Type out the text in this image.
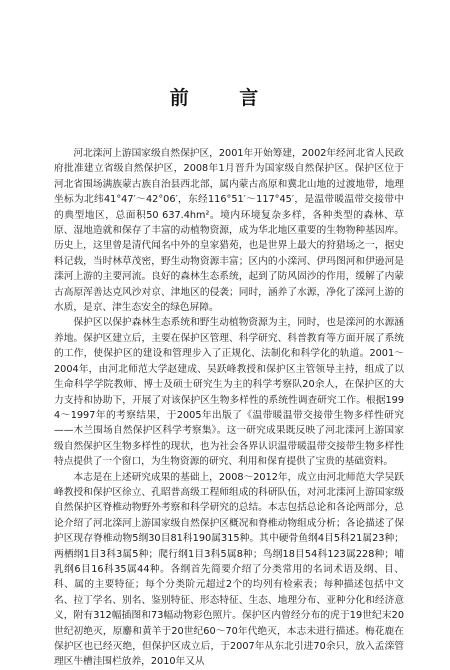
前 言

河北滦河上游国家级自然保护区，2001年开始筹建，2002年经河北省人民政府批准建立省级自然保护区，2008年1月晋升为国家级自然保护区。保护区位于河北省围场满族蒙古族自治县西北部，属内蒙古高原和冀北山地的过渡地带，地理坐标为北纬41°47′～42°06′，东经116°51′～117°45′，是温带暖温带交接带中的典型地区，总面积50 637.4hm²。境内环境复杂多样，各种类型的森林、草原、湿地造就和保存了丰富的动植物资源，成为华北地区重要的生物物种基因库。历史上，这里曾是清代闻名中外的皇家猎苑，也是世界上最大的狩猎场之一，据史料记载，当时林草茂密，野生动物资源丰富；区内的小滦河、伊玛图河和伊逊河是滦河上游的主要河流。良好的森林生态系统，起到了防风固沙的作用，缓解了内蒙古高原浑善达克风沙对京、津地区的侵袭；同时，涵养了水源，净化了滦河上游的水质，是京、津生态安全的绿色屏障。

保护区以保护森林生态系统和野生动植物资源为主，同时，也是滦河的水源涵养地。保护区建立后，主要在保护区管理、科学研究、科普教育等方面开展了系统的工作，使保护区的建设和管理步入了正规化、法制化和科学化的轨道。2001～2004年，由河北师范大学赵建成、吴跃峰教授和保护区主管领导主持，组成了以生命科学学院教师、博士及硕士研究生为主的科学考察队20余人，在保护区的大力支持和协助下，开展了对该保护区生物多样性的系统性调查研究工作。根据1994～1997年的考察结果，于2005年出版了《温带暖温带交接带生物多样性研究——木兰围场自然保护区科学考察集》。这一研究成果既反映了河北滦河上游国家级自然保护区生物多样性的现状，也为社会各界认识温带暖温带交接带生物多样性特点提供了一个窗口，为生物资源的研究、利用和保育提供了宝贵的基础资料。

本志是在上述研究成果的基础上，2008～2012年，成立由河北师范大学吴跃峰教授和保护区徐立、孔昭普高级工程师组成的科研队伍，对河北滦河上游国家级自然保护区脊椎动物野外考察和科学研究的总结。本志包括总论和各论两部分，总论介绍了河北滦河上游国家级自然保护区概况和脊椎动物组成分析；各论描述了保护区现存脊椎动物5纲30目81科190属315种。其中硬骨鱼纲4目5科21属23种；两栖纲1目3科3属5种；爬行纲1目3科5属8种；鸟纲18目54科123属228种；哺乳纲6目16科35属44种。各纲首先简要介绍了分类常用的名词术语及纲、目、科、属的主要特征；每个分类阶元超过2个的均列有检索表；每种描述包括中文名、拉丁学名、别名、鉴别特征、形态特征、生态、地理分布、亚种分化和经济意义，附有312幅插图和73幅动物彩色照片。保护区内曾经分布的虎于19世纪末20世纪初绝灭，原麝和黄羊于20世纪60～70年代绝灭，本志未进行描述。梅花鹿在保护区也已经灭绝，但保护区成立后，于2007年从东北引进70余只，放入孟滦管理区牛槽洼围栏放养，2010年又从
